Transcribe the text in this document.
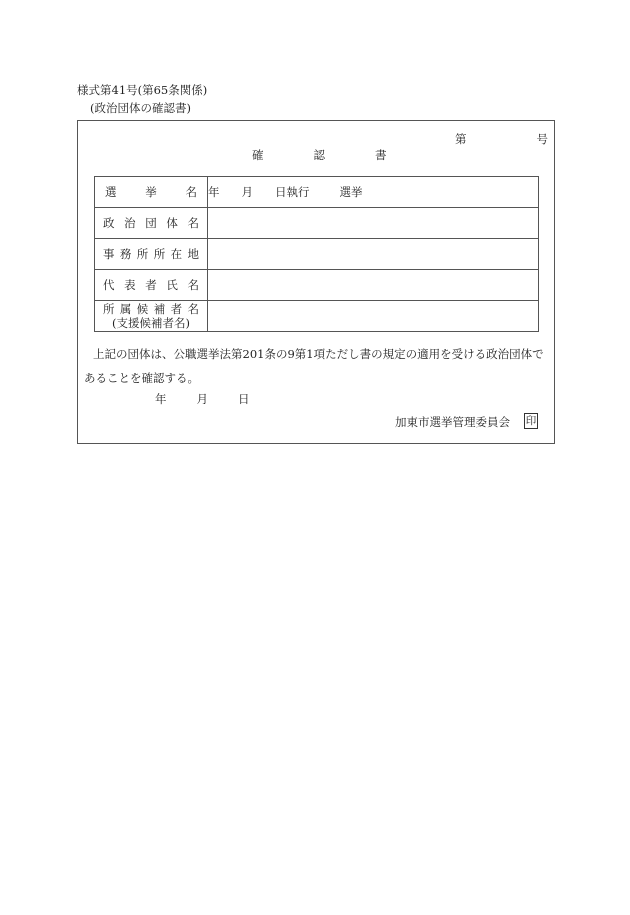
様式第41号(第65条関係)
(政治団体の確認書)
第	号
確	認	書
選挙名	年 月 日執行 選挙
政治団体名	
事務所所在地	
代表者氏名	
所属候補者名
(支援候補者名)	
上記の団体は、公職選挙法第201条の9第1項ただし書の規定の適用を受ける政治団体で
あることを確認する。
年	月	日
加東市選挙管理委員会 印
